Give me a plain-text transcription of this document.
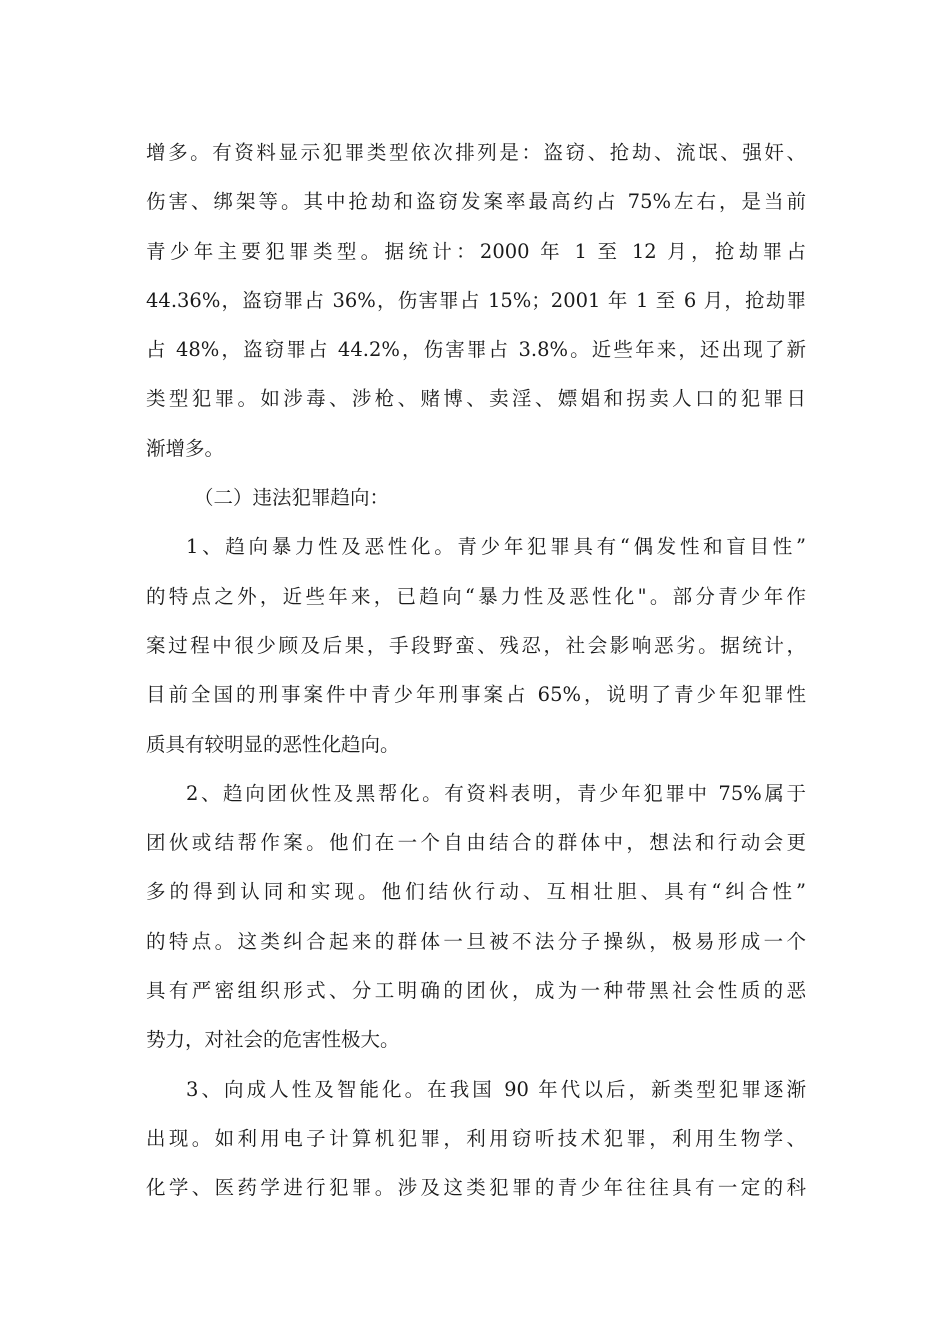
增多。有资料显示犯罪类型依次排列是：盗窃、抢劫、流氓、强奸、
伤害、绑架等。其中抢劫和盗窃发案率最高约占 75%左右，是当前
青少年主要犯罪类型。据统计：2000 年 1 至 12 月，抢劫罪占
44.36%，盗窃罪占 36%，伤害罪占 15%；2001 年 1 至 6 月，抢劫罪
占 48%，盗窃罪占 44.2%，伤害罪占 3.8%。近些年来，还出现了新
类型犯罪。如涉毒、涉枪、赌博、卖淫、嫖娼和拐卖人口的犯罪日
渐增多。
（二）违法犯罪趋向：
1、趋向暴力性及恶性化。青少年犯罪具有“偶发性和盲目性”
的特点之外，近些年来，已趋向“暴力性及恶性化"。部分青少年作
案过程中很少顾及后果，手段野蛮、残忍，社会影响恶劣。据统计，
目前全国的刑事案件中青少年刑事案占 65%，说明了青少年犯罪性
质具有较明显的恶性化趋向。
2、趋向团伙性及黑帮化。有资料表明，青少年犯罪中 75%属于
团伙或结帮作案。他们在一个自由结合的群体中，想法和行动会更
多的得到认同和实现。他们结伙行动、互相壮胆、具有“纠合性”
的特点。这类纠合起来的群体一旦被不法分子操纵，极易形成一个
具有严密组织形式、分工明确的团伙，成为一种带黑社会性质的恶
势力，对社会的危害性极大。
3、向成人性及智能化。在我国 90 年代以后，新类型犯罪逐渐
出现。如利用电子计算机犯罪，利用窃听技术犯罪，利用生物学、
化学、医药学进行犯罪。涉及这类犯罪的青少年往往具有一定的科
